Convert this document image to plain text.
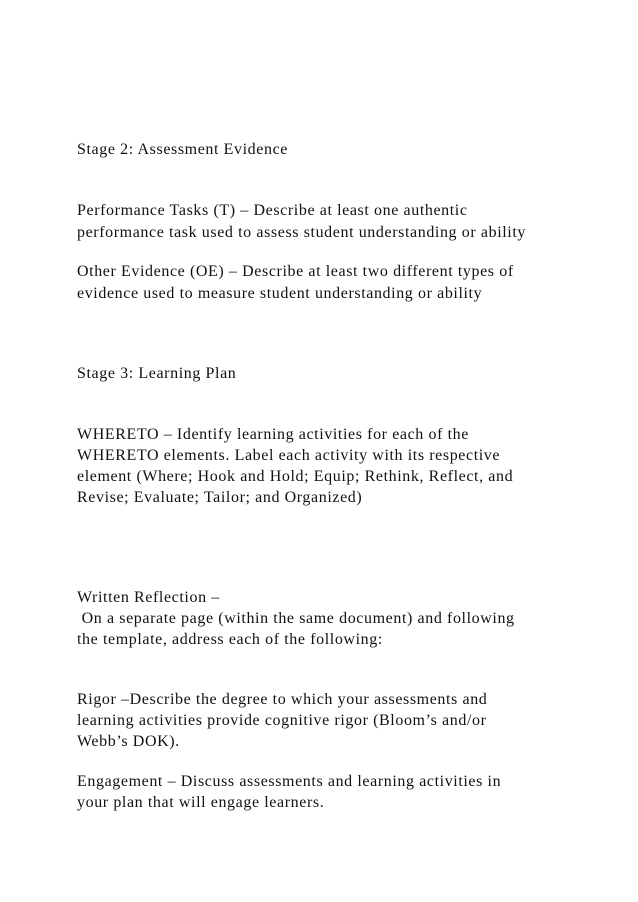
Stage 2: Assessment Evidence
Performance Tasks (T) – Describe at least one authentic
performance task used to assess student understanding or ability
Other Evidence (OE) – Describe at least two different types of
evidence used to measure student understanding or ability
Stage 3: Learning Plan
WHERETO – Identify learning activities for each of the
WHERETO elements. Label each activity with its respective
element (Where; Hook and Hold; Equip; Rethink, Reflect, and
Revise; Evaluate; Tailor; and Organized)
Written Reflection –
On a separate page (within the same document) and following
the template, address each of the following:
Rigor –Describe the degree to which your assessments and
learning activities provide cognitive rigor (Bloom’s and/or
Webb’s DOK).
Engagement – Discuss assessments and learning activities in
your plan that will engage learners.
